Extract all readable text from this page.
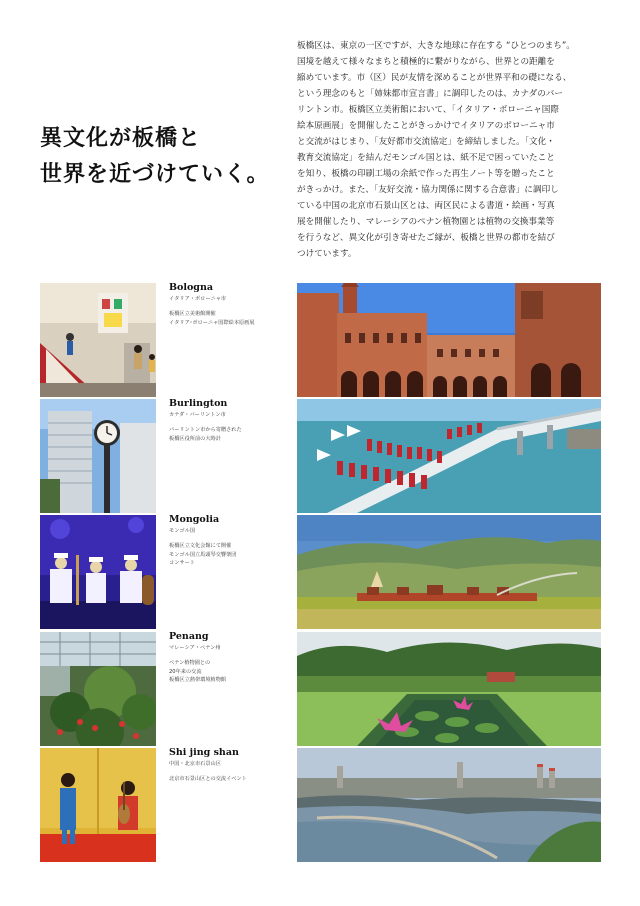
異文化が板橋と
世界を近づけていく。
板橋区は、東京の一区ですが、大きな地球に存在する “ひとつのまち”。
国境を越えて様々なまちと積極的に繋がりながら、世界との距離を
縮めています。市（区）民が友情を深めることが世界平和の礎になる、
という理念のもと「姉妹都市宣言書」に調印したのは、カナダのバー
リントン市。板橋区立美術館において、「イタリア・ボローニャ国際
絵本原画展」を開催したことがきっかけでイタリアのボローニャ市
と交流がはじまり、「友好都市交流協定」を締結しました。「文化・
教育交流協定」を結んだモンゴル国とは、紙不足で困っていたこと
を知り、板橋の印刷工場の余紙で作った再生ノート等を贈ったこと
がきっかけ。また、「友好交流・協力関係に関する合意書」に調印し
ている中国の北京市石景山区とは、両区民による書道・絵画・写真
展を開催したり、マレーシアのペナン植物園とは植物の交換事業等
を行うなど、異文化が引き寄せたご縁が、板橋と世界の都市を結び
つけています。
Bologna
イタリア・ボローニャ市
板橋区立美術館開催
イタリア･ボローニャ国際絵本原画展
Burlington
カナダ・バーリントン市
バーリントン市から寄贈された
板橋区役所前の大時計
Mongolia
モンゴル国
板橋区立文化会館にて開催
モンゴル国立馬頭琴交響楽団
コンサート
Penang
マレーシア・ペナン州
ペナン植物園との
20年来の交流
板橋区立熱帯環境植物館
Shi jing shan
中国・北京市石景山区
北京市石景山区との交流イベント
